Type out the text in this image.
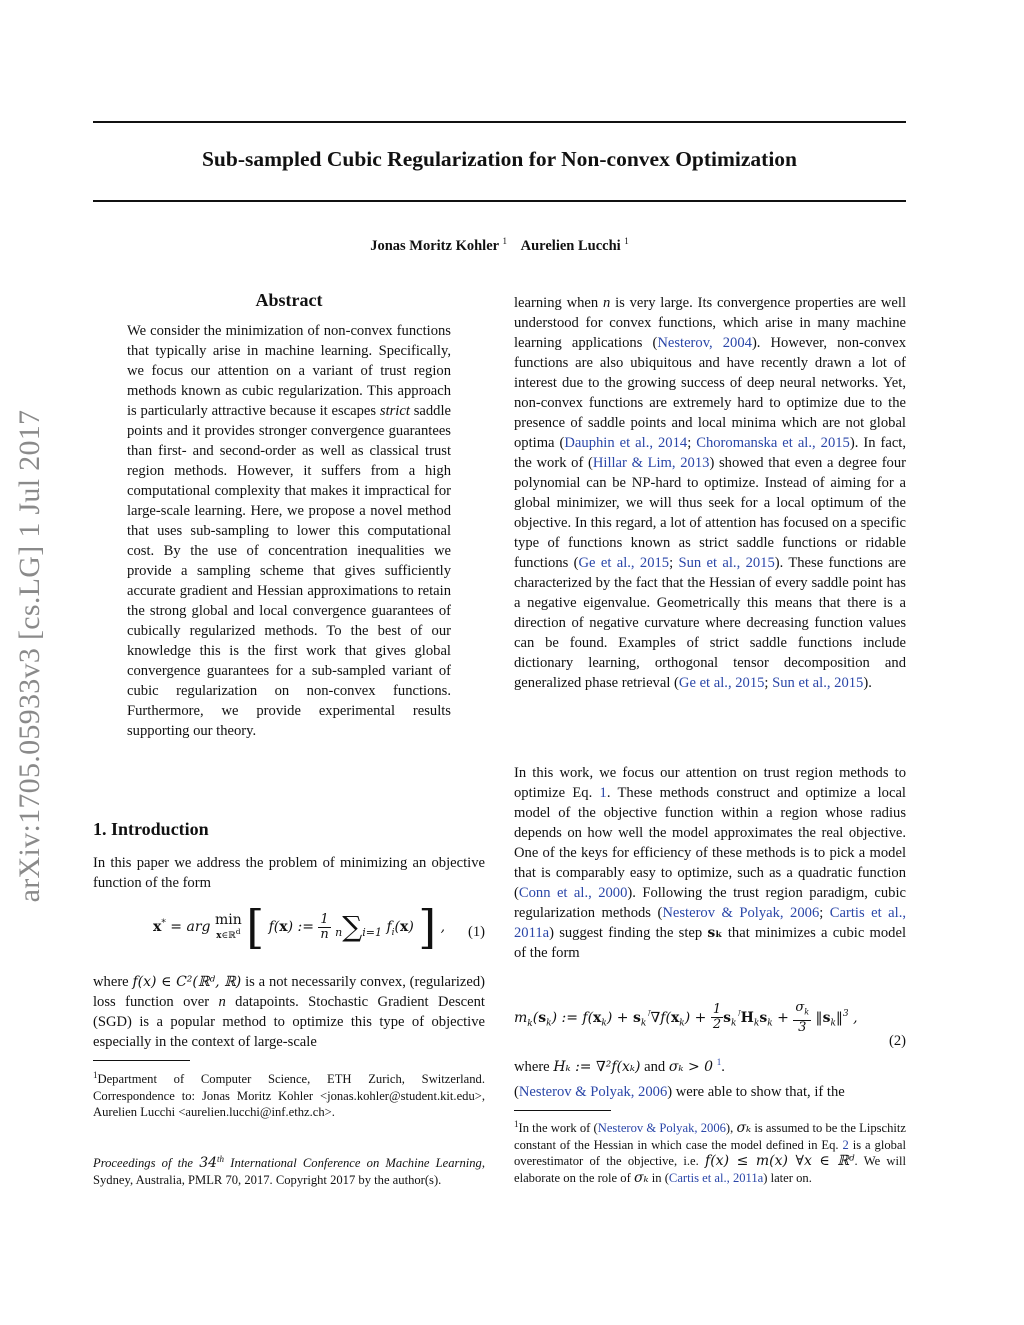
Sub-sampled Cubic Regularization for Non-convex Optimization
Jonas Moritz Kohler $^1$ Aurelien Lucchi $^1$
arXiv:1705.05933v3 [cs.LG] 1 Jul 2017
Abstract
We consider the minimization of non-convex functions that typically arise in machine learning. Specifically, we focus our attention on a variant of trust region methods known as cubic regularization. This approach is particularly attractive because it escapes strict saddle points and it provides stronger convergence guarantees than first- and second-order as well as classical trust region methods. However, it suffers from a high computational complexity that makes it impractical for large-scale learning. Here, we propose a novel method that uses sub-sampling to lower this computational cost. By the use of concentration inequalities we provide a sampling scheme that gives sufficiently accurate gradient and Hessian approximations to retain the strong global and local convergence guarantees of cubically regularized methods. To the best of our knowledge this is the first work that gives global convergence guarantees for a sub-sampled variant of cubic regularization on non-convex functions. Furthermore, we provide experimental results supporting our theory.
1. Introduction
In this paper we address the problem of minimizing an objective function of the form
x* = arg min
x∈ℝ$^d$ [ f(x) := $\frac{1}{n} n\sum i=1$ $f_i(x)$ ] , (1)
where f(x) ∈ C²(ℝᵈ, ℝ) is a not necessarily convex, (regularized) loss function over n datapoints. Stochastic Gradient Descent (SGD) is a popular method to optimize this type of objective especially in the context of large-scale
$^1$Department of Computer Science, ETH Zurich, Switzerland. Correspondence to: Jonas Moritz Kohler <jonas.kohler@student.kit.edu>, Aurelien Lucchi <aurelien.lucchi@inf.ethz.ch>.
Proceedings of the 34th International Conference on Machine Learning, Sydney, Australia, PMLR 70, 2017. Copyright 2017 by the author(s).
learning when n is very large. Its convergence properties are well understood for convex functions, which arise in many machine learning applications (Nesterov, 2004). However, non-convex functions are also ubiquitous and have recently drawn a lot of interest due to the growing success of deep neural networks. Yet, non-convex functions are extremely hard to optimize due to the presence of saddle points and local minima which are not global optima (Dauphin et al., 2014; Choromanska et al., 2015). In fact, the work of (Hillar & Lim, 2013) showed that even a degree four polynomial can be NP-hard to optimize. Instead of aiming for a global minimizer, we will thus seek for a local optimum of the objective. In this regard, a lot of attention has focused on a specific type of functions known as strict saddle functions or ridable functions (Ge et al., 2015; Sun et al., 2015). These functions are characterized by the fact that the Hessian of every saddle point has a negative eigenvalue. Geometrically this means that there is a direction of negative curvature where decreasing function values can be found. Examples of strict saddle functions include dictionary learning, orthogonal tensor decomposition and generalized phase retrieval (Ge et al., 2015; Sun et al., 2015).
In this work, we focus our attention on trust region methods to optimize Eq. 1. These methods construct and optimize a local model of the objective function within a region whose radius depends on how well the model approximates the real objective. One of the keys for efficiency of these methods is to pick a model that is comparably easy to optimize, such as a quadratic function (Conn et al., 2000). Following the trust region paradigm, cubic regularization methods (Nesterov & Polyak, 2006; Cartis et al., 2011a) suggest finding the step sₖ that minimizes a cubic model of the form
$m_k(s_k)$ := $f(x_k) + s_k^⊺\nabla f(x_k) + \frac{1}{2} s_k^⊺H_ks_k + \frac{\sigma_k}{3}$ $‖s_k‖^3$ ,
(2)
where Hₖ := ∇²f(xₖ) and σₖ > 0 $^1$.
(Nesterov & Polyak, 2006) were able to show that, if the
$^1$In the work of (Nesterov & Polyak, 2006), σₖ is assumed to be the Lipschitz constant of the Hessian in which case the model defined in Eq. 2 is a global overestimator of the objective, i.e. f(x) ≤ m(x) ∀x ∈ ℝᵈ. We will elaborate on the role of σₖ in (Cartis et al., 2011a) later on.
